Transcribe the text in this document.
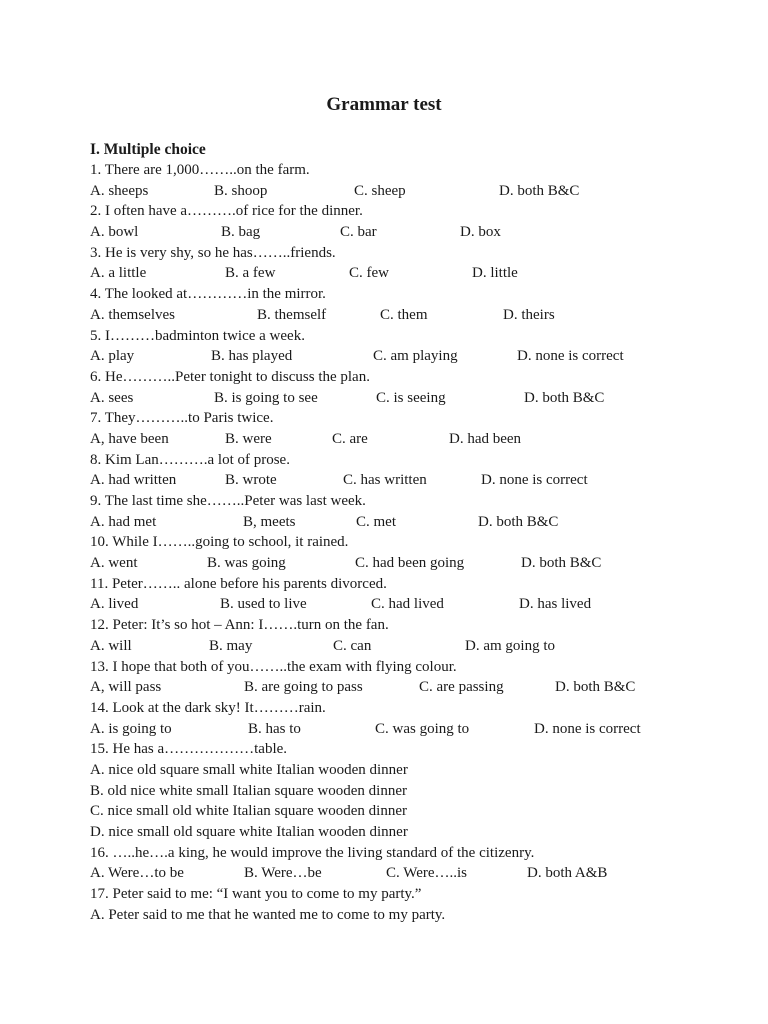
Grammar test
I. Multiple choice
1. There are 1,000……..on the farm.
A. sheeps	B. shoop	C. sheep	D. both B&C
2. I often have a……….of rice for the dinner.
A. bowl	B. bag	C. bar	D. box
3. He is very shy, so he has……..friends.
A. a little	B. a few	C. few	D. little
4. The looked at…………in the mirror.
A. themselves	B. themself	C. them	D. theirs
5. I………badminton twice a week.
A. play	B. has played	C. am playing	D. none is correct
6. He………..Peter tonight to discuss the plan.
A. sees	B. is going to see	C. is seeing	D. both B&C
7. They………..to Paris twice.
A, have been	B. were	C. are	D. had been
8. Kim Lan……….a lot of prose.
A. had written	B. wrote	C. has written	D. none is correct
9. The last time she……..Peter was last week.
A. had met	B, meets	C. met	D. both B&C
10. While I……..going to school, it rained.
A. went	B. was going	C. had been going	D. both B&C
11. Peter…….. alone before his parents divorced.
A. lived	B. used to live	C. had lived	D. has lived
12. Peter: It’s so hot – Ann: I…….turn on the fan.
A. will	B. may	C. can	D. am going to
13. I hope that both of you……..the exam with flying colour.
A, will pass	B. are going to pass	C. are passing	D. both B&C
14. Look at the dark sky! It………rain.
A. is going to	B. has to	C. was going to	D. none is correct
15. He has a………………table.
A. nice old square small white Italian wooden dinner
B. old nice white small Italian square wooden dinner
C. nice small old white Italian square wooden dinner
D. nice small old square white Italian wooden dinner
16. …..he….a king, he would improve the living standard of the citizenry.
A. Were…to be	B. Were…be	C. Were…..is	D. both A&B
17. Peter said to me: “I want you to come to my party.”
A. Peter said to me that he wanted me to come to my party.
